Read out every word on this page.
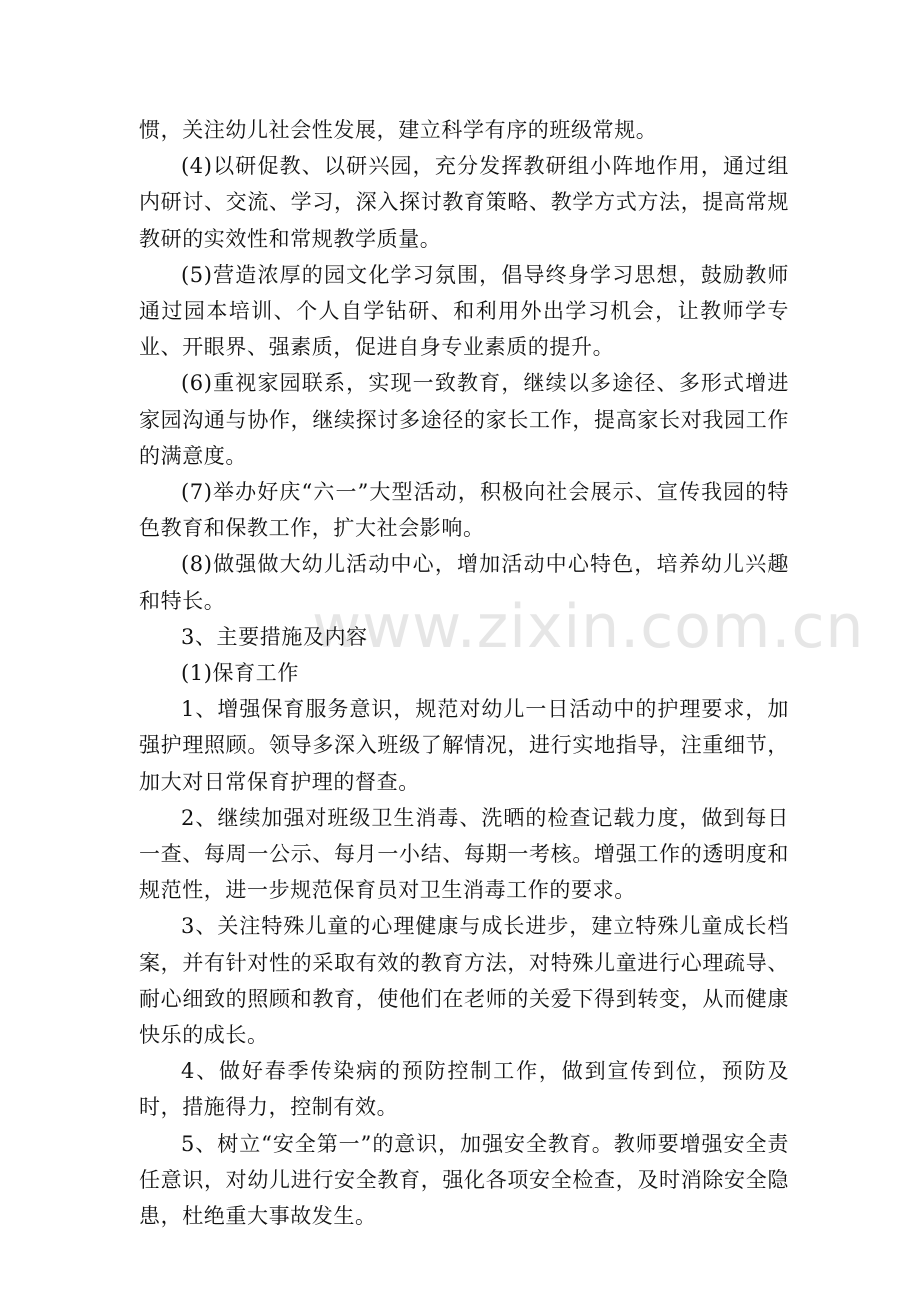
www.zixin.com.cn

惯，关注幼儿社会性发展，建立科学有序的班级常规。

(4)以研促教、以研兴园，充分发挥教研组小阵地作用，通过组内研讨、交流、学习，深入探讨教育策略、教学方式方法，提高常规教研的实效性和常规教学质量。

(5)营造浓厚的园文化学习氛围，倡导终身学习思想，鼓励教师通过园本培训、个人自学钻研、和利用外出学习机会，让教师学专业、开眼界、强素质，促进自身专业素质的提升。

(6)重视家园联系，实现一致教育，继续以多途径、多形式增进家园沟通与协作，继续探讨多途径的家长工作，提高家长对我园工作的满意度。

(7)举办好庆“六一”大型活动，积极向社会展示、宣传我园的特色教育和保教工作，扩大社会影响。

(8)做强做大幼儿活动中心，增加活动中心特色，培养幼儿兴趣和特长。

3、主要措施及内容

(1)保育工作

1、增强保育服务意识，规范对幼儿一日活动中的护理要求，加强护理照顾。领导多深入班级了解情况，进行实地指导，注重细节，加大对日常保育护理的督查。

2、继续加强对班级卫生消毒、洗晒的检查记载力度，做到每日一查、每周一公示、每月一小结、每期一考核。增强工作的透明度和规范性，进一步规范保育员对卫生消毒工作的要求。

3、关注特殊儿童的心理健康与成长进步，建立特殊儿童成长档案，并有针对性的采取有效的教育方法，对特殊儿童进行心理疏导、耐心细致的照顾和教育，使他们在老师的关爱下得到转变，从而健康快乐的成长。

4、做好春季传染病的预防控制工作，做到宣传到位，预防及时，措施得力，控制有效。

5、树立“安全第一”的意识，加强安全教育。教师要增强安全责任意识，对幼儿进行安全教育，强化各项安全检查，及时消除安全隐患，杜绝重大事故发生。
